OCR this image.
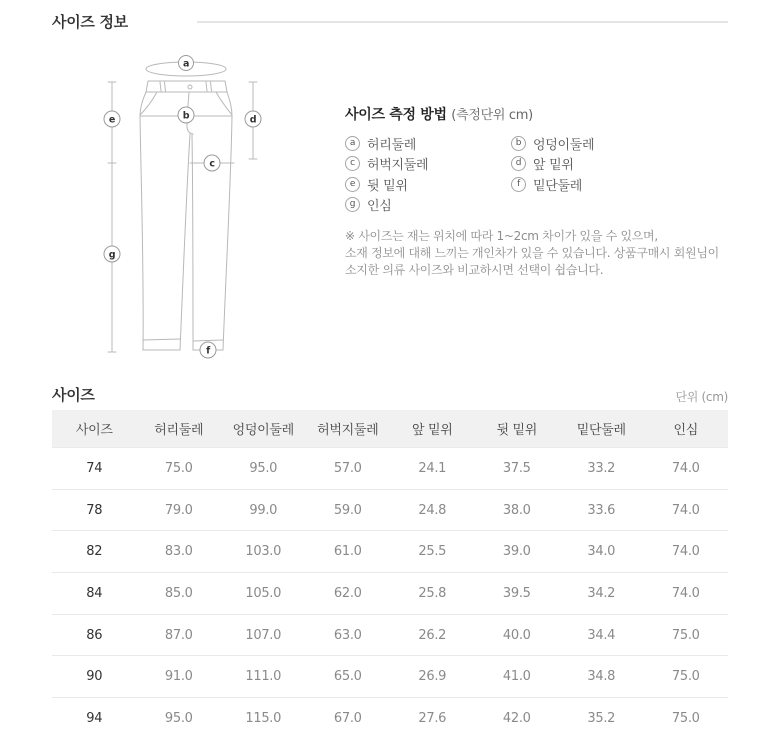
사이즈 정보
a
b
c
d
e
f
g
사이즈 측정 방법 (측정단위 cm)
a 허리둘레	b 엉덩이둘레
c 허벅지둘레	d 앞 밑위
e 뒷 밑위	f	밑단둘레
g 인심
※ 사이즈는 재는 위치에 따라 1~2cm 차이가 있을 수 있으며,
소재 정보에 대해 느끼는 개인차가 있을 수 있습니다. 상품구매시 회원님이
소지한 의류 사이즈와 비교하시면 선택이 쉽습니다.
사이즈	단위 (cm)
사이즈	허리둘레	엉덩이둘레	허벅지둘레	앞 밑위	뒷 밑위	밑단둘레	인심
74	75.0	95.0	57.0	24.1	37.5	33.2	74.0
78	79.0	99.0	59.0	24.8	38.0	33.6	74.0
82	83.0	103.0	61.0	25.5	39.0	34.0	74.0
84	85.0	105.0	62.0	25.8	39.5	34.2	74.0
86	87.0	107.0	63.0	26.2	40.0	34.4	75.0
90	91.0	111.0	65.0	26.9	41.0	34.8	75.0
94	95.0	115.0	67.0	27.6	42.0	35.2	75.0
